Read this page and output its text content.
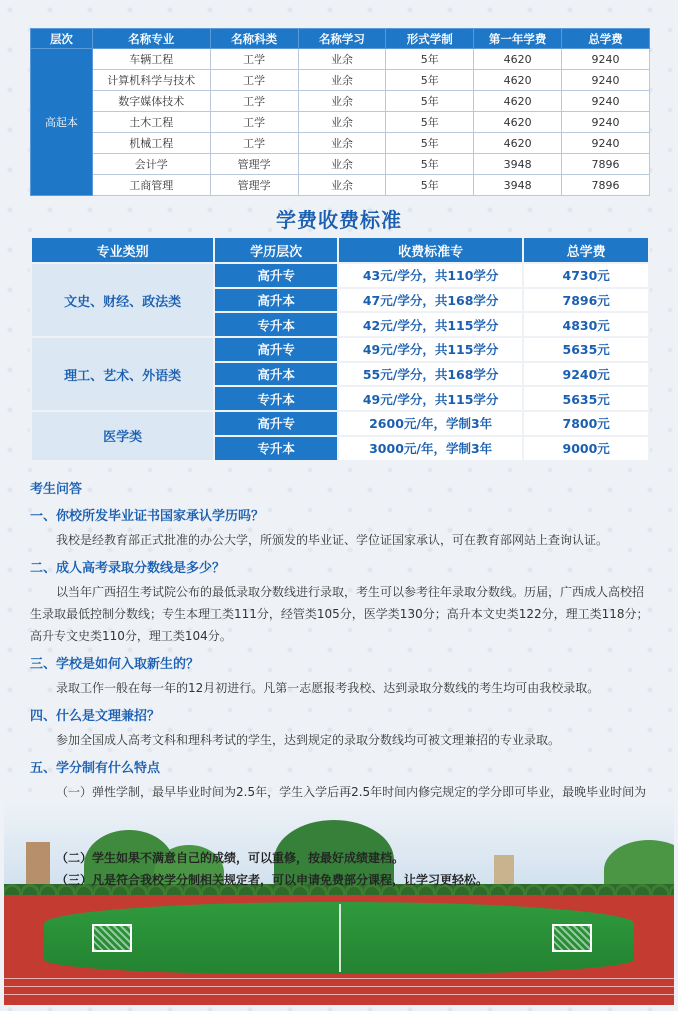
层次	名称专业	名称科类	名称学习	形式学制	第一年学费	总学费
高起本	车辆工程	工学	业余	5年	4620	9240
	计算机科学与技术	工学	业余	5年	4620	9240
	数字媒体技术	工学	业余	5年	4620	9240
	土木工程	工学	业余	5年	4620	9240
	机械工程	工学	业余	5年	4620	9240
	会计学	管理学	业余	5年	3948	7896
	工商管理	管理学	业余	5年	3948	7896
学费收费标准
专业类别	学历层次	收费标准专	总学费
文史、财经、政法类	高升专	43元/学分，共110学分	4730元
	高升本	47元/学分，共168学分	7896元
	专升本	42元/学分，共115学分	4830元
理工、艺术、外语类	高升专	49元/学分，共115学分	5635元
	高升本	55元/学分，共168学分	9240元
	专升本	49元/学分，共115学分	5635元
医学类	高升专	2600元/年，学制3年	7800元
	专升本	3000元/年，学制3年	9000元
考生问答
一、你校所发毕业证书国家承认学历吗？
我校是经教育部正式批准的办公大学，所颁发的毕业证、学位证国家承认，可在教育部网站上查询认证。
二、成人高考录取分数线是多少？
以当年广西招生考试院公布的最低录取分数线进行录取，考生可以参考往年录取分数线。历届，广西成人高校招生录取最低控制分数线；专生本理工类111分，经管类105分，医学类130分；高升本文史类122分，理工类118分；高升专文史类110分，理工类104分。
三、学校是如何入取新生的？
录取工作一般在每一年的12月初进行。凡第一志愿报考我校、达到录取分数线的考生均可由我校录取。
四、什么是文理兼招？
参加全国成人高考文科和理科考试的学生，达到规定的录取分数线均可被文理兼招的专业录取。
五、学分制有什么特点
（一）弹性学制，最早毕业时间为2.5年，学生入学后再2.5年时间内修完规定的学分即可毕业，最晚毕业时间为
（二）学生如果不满意自己的成绩，可以重修，按最好成绩建档。
（三）凡是符合我校学分制相关规定者，可以申请免费部分课程，让学习更轻松。
